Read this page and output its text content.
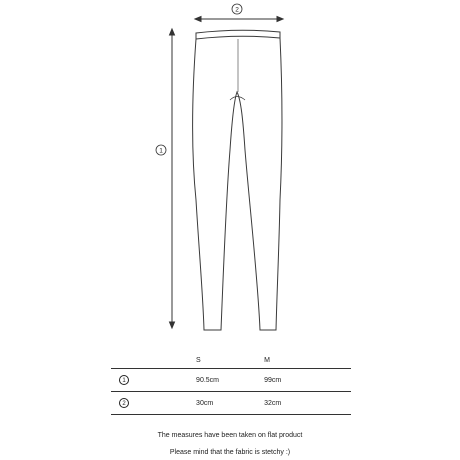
2
1
	S	M
1	90.5cm	99cm
2	30cm	32cm
The measures have been taken on flat product
Please mind that the fabric is stetchy :)
